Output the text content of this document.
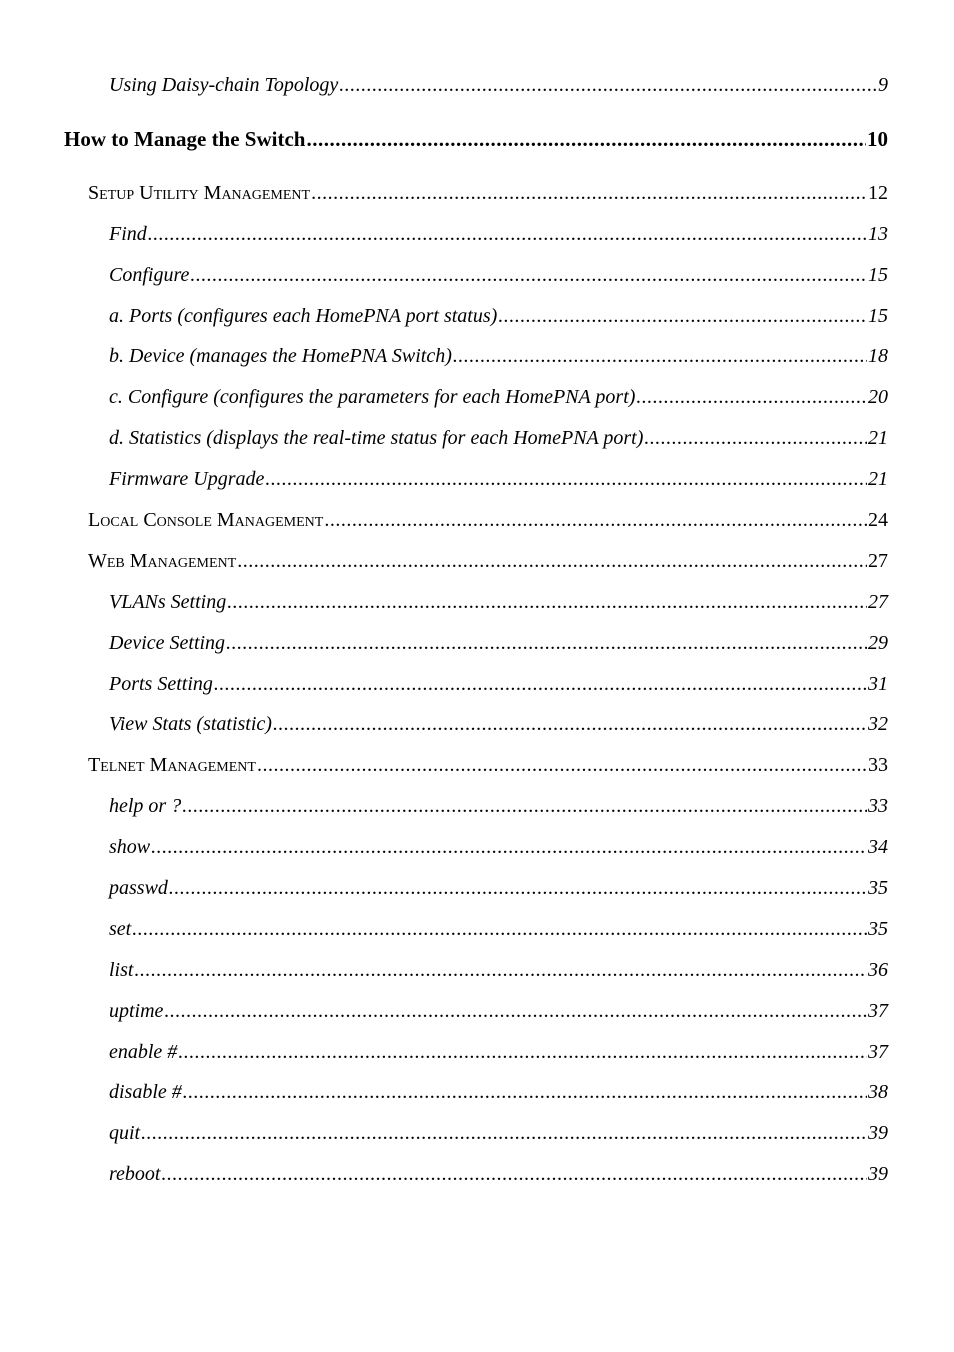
Using Daisy-chain Topology .....	9
How to Manage the Switch .....	10
Setup Utility Management .....	12
Find .....	13
Configure .....	15
a. Ports (configures each HomePNA port status) .....	15
b. Device (manages the HomePNA Switch) .....	18
c. Configure (configures the parameters for each HomePNA port) .....	20
d. Statistics (displays the real-time status for each HomePNA port) .....	21
Firmware Upgrade .....	21
Local Console Management .....	24
Web Management .....	27
VLANs Setting .....	27
Device Setting .....	29
Ports Setting .....	31
View Stats (statistic) .....	32
Telnet Management .....	33
help or ? .....	33
show .....	34
passwd .....	35
set .....	35
list .....	36
uptime .....	37
enable # .....	37
disable # .....	38
quit .....	39
reboot .....	39
